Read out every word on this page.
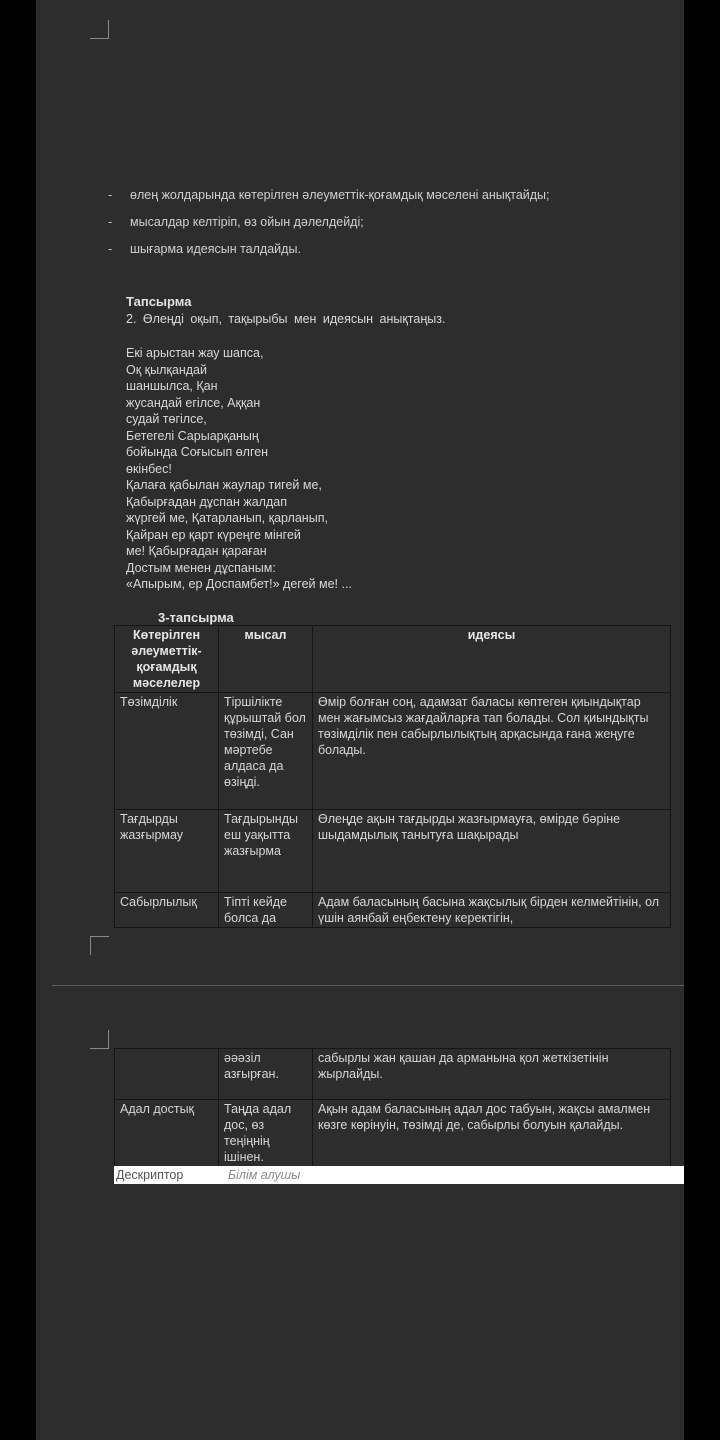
-	өлең жолдарында көтерілген әлеуметтік-қоғамдық мәселені анықтайды;
-	мысалдар келтіріп, өз ойын дәлелдейді;
-	шығарма идеясын талдайды.
Тапсырма
2. Өлеңді оқып, тақырыбы мен идеясын анықтаңыз.
Екі арыстан жау шапса,
Оқ қылқандай
шаншылса, Қан
жусандай егілсе, Аққан
судай төгілсе,
Бетегелі Сарыарқаның
бойында Соғысып өлген
өкінбес!
Қалаға қабылан жаулар тигей ме,
Қабырғадан дұспан жалдап
жүргей ме, Қатарланып, қарланып,
Қайран ер қарт күреңге мінгей
ме! Қабырғадан қараған
Достым менен дұспаным:
«Апырым, ер Доспамбет!» дегей ме! ...
3-тапсырма
Көтерілген әлеуметтік-қоғамдық мәселелер	мысал	идеясы
Төзімділік	Тіршілікте құрыштай бол төзімді, Сан мәртебе алдаса да өзіңді.	Өмір болған соң, адамзат баласы көптеген қиындықтар мен жағымсыз жағдайларға тап болады. Сол қиындықты төзімділік пен сабырлылықтың арқасында ғана жеңуге болады.
Тағдырды жазғырмау	Тағдырынды еш уақытта жазғырма	Өлеңде ақын тағдырды жазғырмауға, өмірде бәріне шыдамдылық танытуға шақырады
Сабырлылық	Тіпті кейде болса да	Адам баласының басына жақсылық бірден келмейтінін, ол үшін аянбай еңбектену керектігін,
	әәәзіл азғырған.	сабырлы жан қашан да арманына қол жеткізетінін жырлайды.
Адал достық	Таңда адал дос, өз теңіңнің ішінен.	Ақын адам баласының адал дос табуын, жақсы амалмен көзге көрінуін, төзімді де, сабырлы болуын қалайды.
Дескриптор	Білім алушы
